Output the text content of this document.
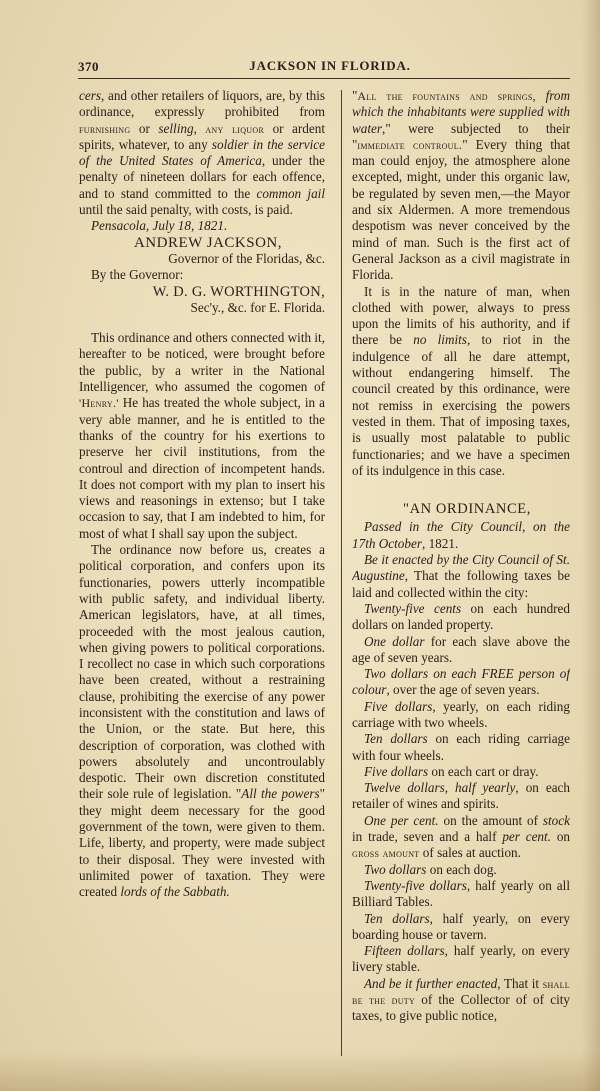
370	JACKSON IN FLORIDA.

cers, and other retailers of liquors, are, by this ordinance, expressly prohibited from furnishing or selling, any liquor or ardent spirits, whatever, to any soldier in the service of the United States of America, under the penalty of nineteen dollars for each offence, and to stand committed to the common jail until the said penalty, with costs, is paid.

Pensacola, July 18, 1821.

ANDREW JACKSON,

Governor of the Floridas, &c.

By the Governor:

W. D. G. WORTHINGTON,

Sec'y., &c. for E. Florida.

This ordinance and others connected with it, hereafter to be noticed, were brought before the public, by a writer in the National Intelligencer, who assumed the cogomen of 'Henry.' He has treated the whole subject, in a very able manner, and he is entitled to the thanks of the country for his exertions to preserve her civil institutions, from the controul and direction of incompetent hands. It does not comport with my plan to insert his views and reasonings in extenso; but I take occasion to say, that I am indebted to him, for most of what I shall say upon the subject.

The ordinance now before us, creates a political corporation, and confers upon its functionaries, powers utterly incompatible with public safety, and individual liberty. American legislators, have, at all times, proceeded with the most jealous caution, when giving powers to political corporations. I recollect no case in which such corporations have been created, without a restraining clause, prohibiting the exercise of any power inconsistent with the constitution and laws of the Union, or the state. But here, this description of corporation, was clothed with powers absolutely and uncontroulably despotic. Their own discretion constituted their sole rule of legislation. "All the powers" they might deem necessary for the good government of the town, were given to them. Life, liberty, and property, were made subject to their disposal. They were invested with unlimited power of taxation. They were created lords of the Sabbath.

"All the fountains and springs, from which the inhabitants were supplied with water," were subjected to their "immediate controul." Every thing that man could enjoy, the atmosphere alone excepted, might, under this organic law, be regulated by seven men,—the Mayor and six Aldermen. A more tremendous despotism was never conceived by the mind of man. Such is the first act of General Jackson as a civil magistrate in Florida.

It is in the nature of man, when clothed with power, always to press upon the limits of his authority, and if there be no limits, to riot in the indulgence of all he dare attempt, without endangering himself. The council created by this ordinance, were not remiss in exercising the powers vested in them. That of imposing taxes, is usually most palatable to public functionaries; and we have a specimen of its indulgence in this case.

"AN ORDINANCE,

Passed in the City Council, on the 17th October, 1821.

Be it enacted by the City Council of St. Augustine, That the following taxes be laid and collected within the city:

Twenty-five cents on each hundred dollars on landed property.

One dollar for each slave above the age of seven years.

Two dollars on each FREE person of colour, over the age of seven years.

Five dollars, yearly, on each riding carriage with two wheels.

Ten dollars on each riding carriage with four wheels.

Five dollars on each cart or dray.

Twelve dollars, half yearly, on each retailer of wines and spirits.

One per cent. on the amount of stock in trade, seven and a half per cent. on gross amount of sales at auction.

Two dollars on each dog.

Twenty-five dollars, half yearly on all Billiard Tables.

Ten dollars, half yearly, on every boarding house or tavern.

Fifteen dollars, half yearly, on every livery stable.

And be it further enacted, That it shall be the duty of the Collector of of city taxes, to give public notice,
